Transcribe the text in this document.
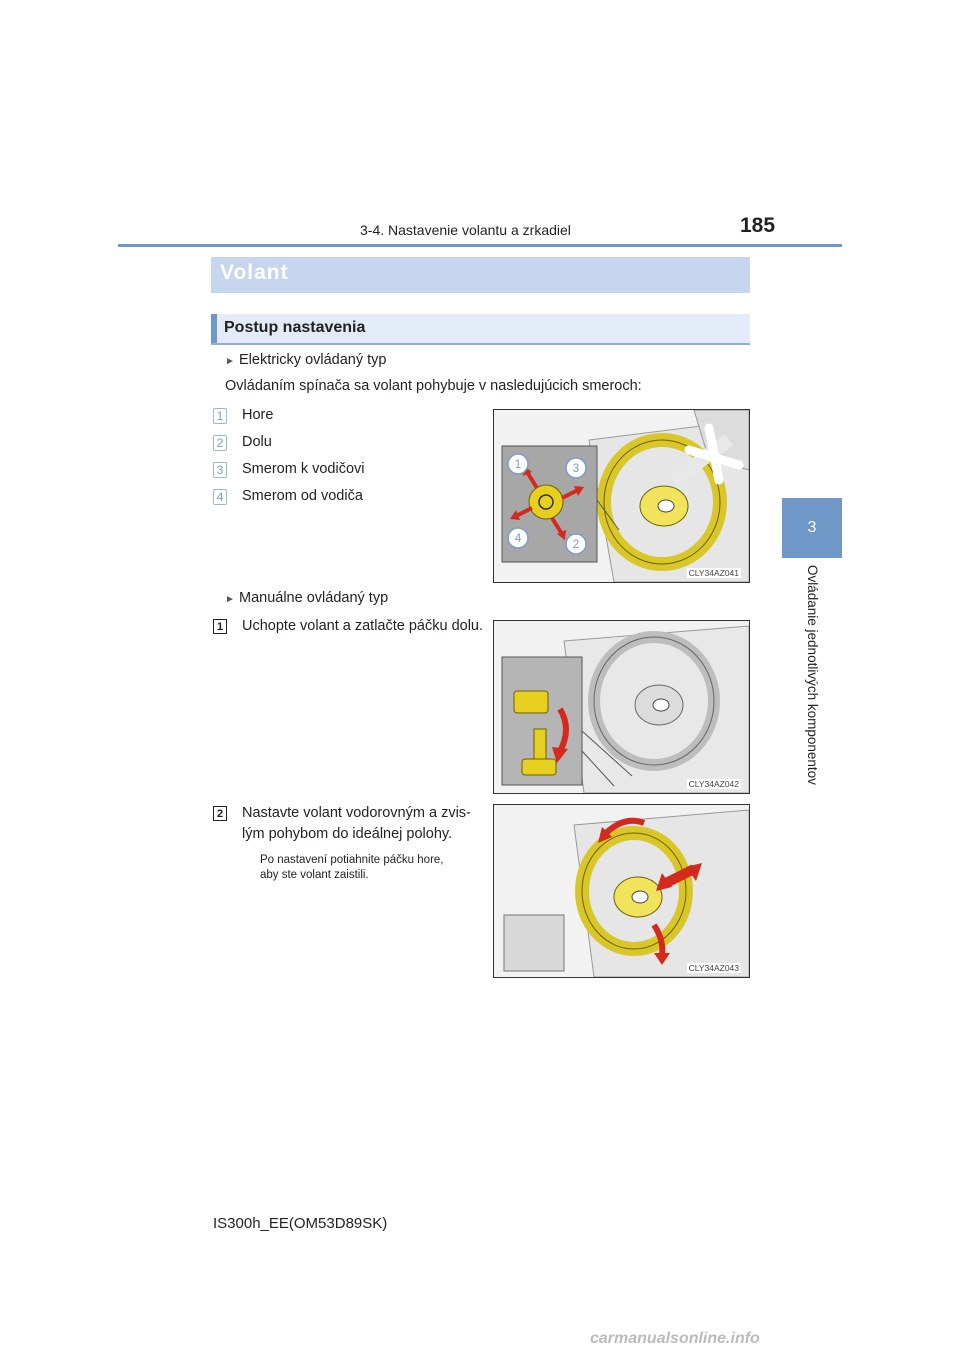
3-4. Nastavenie volantu a zrkadiel	185
3
Ovládanie jednotlivých komponentov
Volant
Postup nastavenia
► Elektricky ovládaný typ
Ovládaním spínača sa volant pohybuje v nasledujúcich smeroch:
1 Hore
2 Dolu
3 Smerom k vodičovi
4 Smerom od vodiča
1	3
4	2
CLY34AZ041
► Manuálne ovládaný typ
1 Uchopte volant a zatlačte páčku dolu.
CLY34AZ042
2 Nastavte volant vodorovným a zvis-
lým pohybom do ideálnej polohy.
Po nastavení potiahnite páčku hore,
aby ste volant zaistili.
CLY34AZ043
IS300h_EE(OM53D89SK)
carmanualsonline.info
